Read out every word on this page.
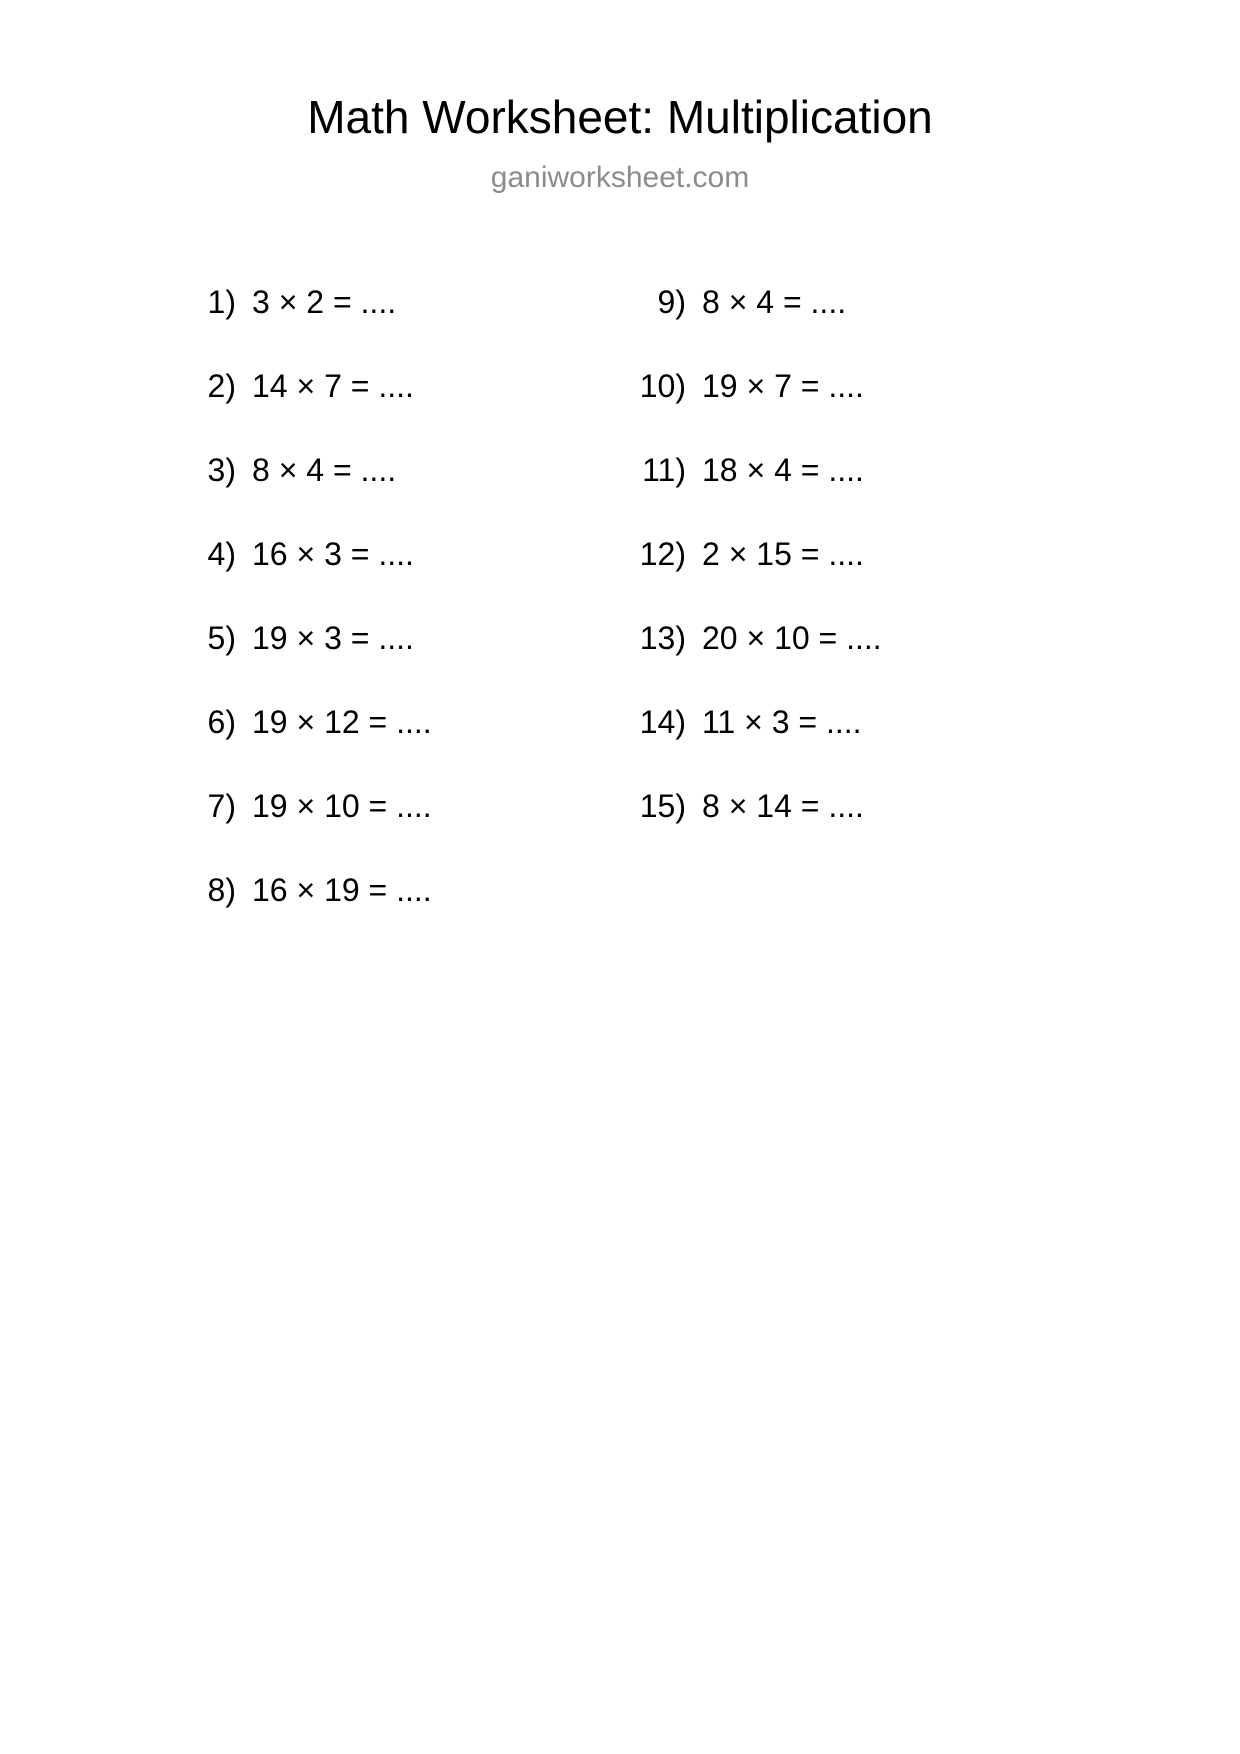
Math Worksheet: Multiplication
ganiworksheet.com
1) 3 × 2 = ....
2) 14 × 7 = ....
3) 8 × 4 = ....
4) 16 × 3 = ....
5) 19 × 3 = ....
6) 19 × 12 = ....
7) 19 × 10 = ....
8) 16 × 19 = ....
9) 8 × 4 = ....
10) 19 × 7 = ....
11) 18 × 4 = ....
12) 2 × 15 = ....
13) 20 × 10 = ....
14) 11 × 3 = ....
15) 8 × 14 = ....
